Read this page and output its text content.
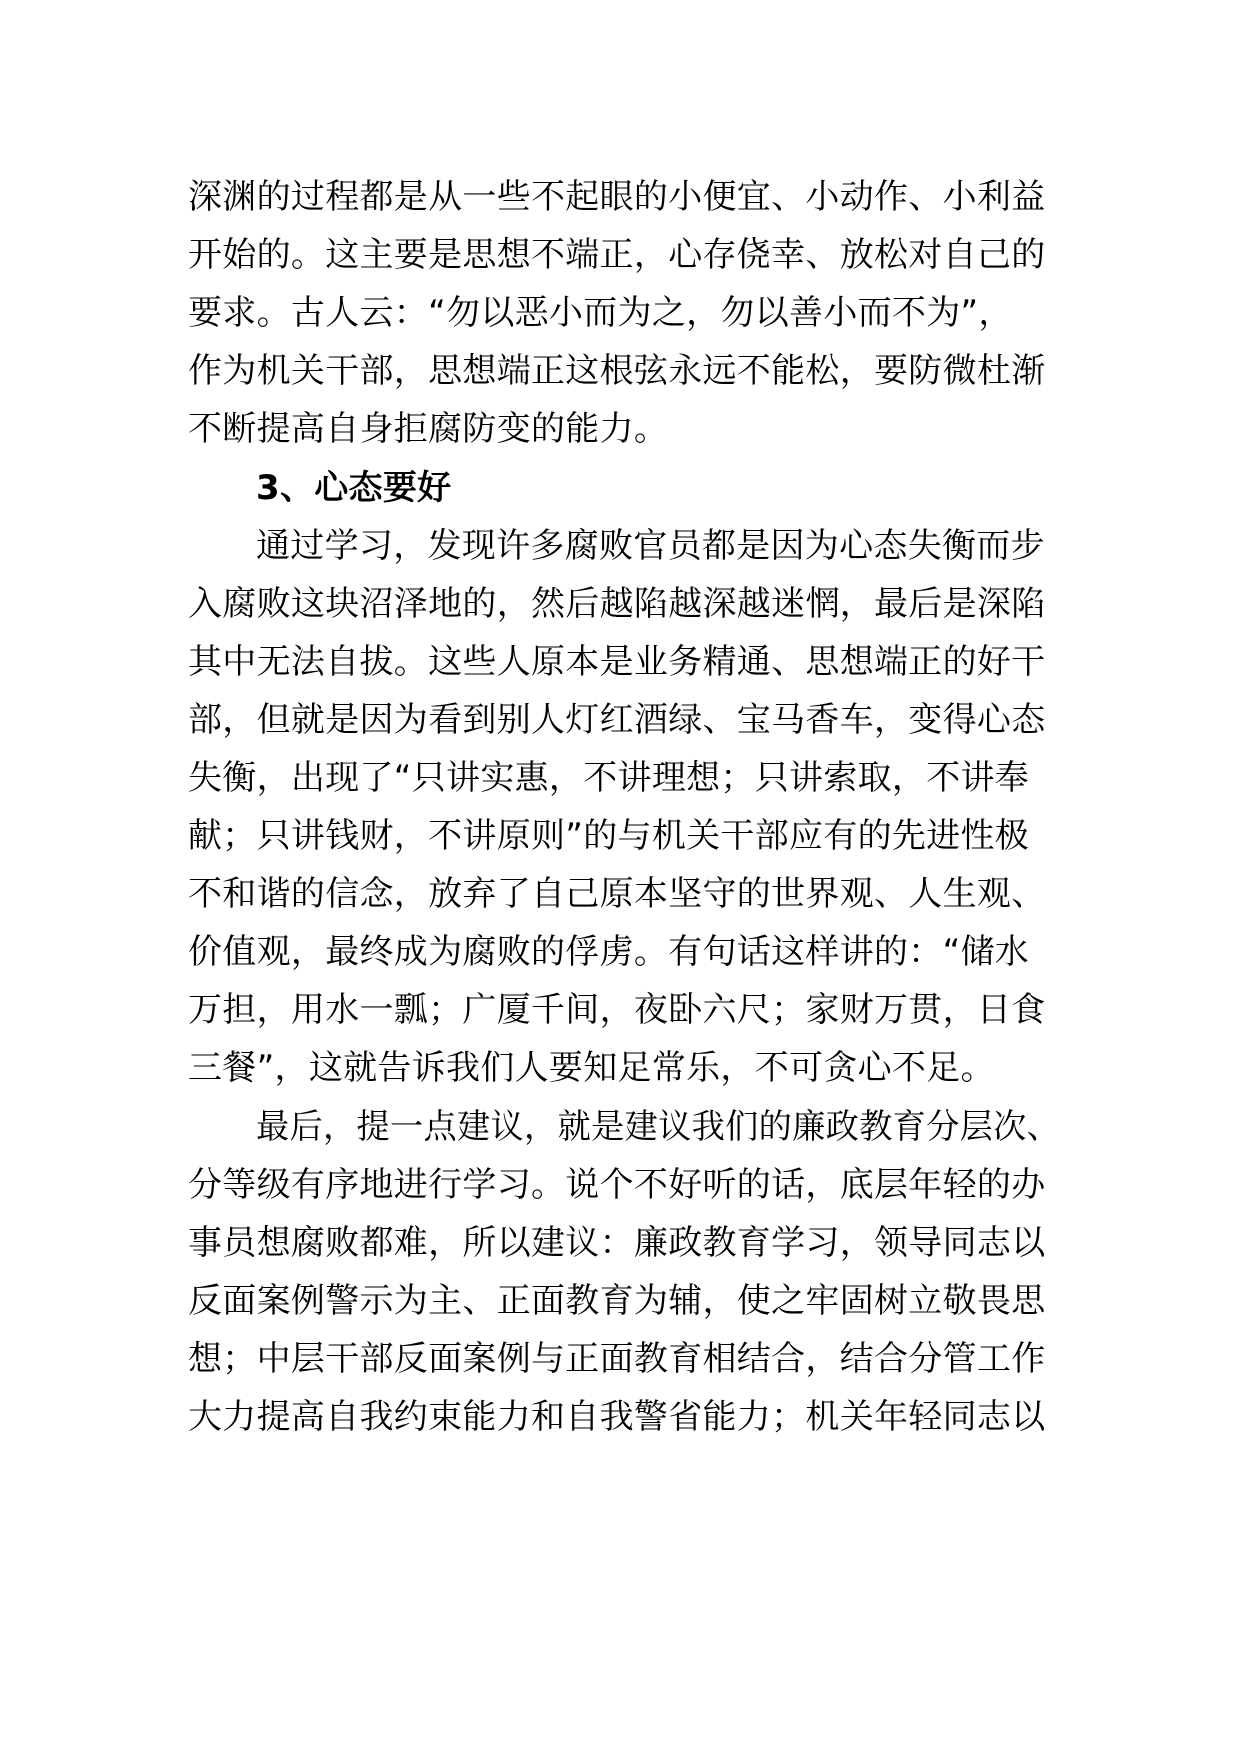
深渊的过程都是从一些不起眼的小便宜、小动作、小利益
开始的。这主要是思想不端正，心存侥幸、放松对自己的
要求。古人云：“勿以恶小而为之，勿以善小而不为”，
作为机关干部，思想端正这根弦永远不能松，要防微杜渐
不断提高自身拒腐防变的能力。
3、心态要好
通过学习，发现许多腐败官员都是因为心态失衡而步
入腐败这块沼泽地的，然后越陷越深越迷惘，最后是深陷
其中无法自拔。这些人原本是业务精通、思想端正的好干
部，但就是因为看到别人灯红酒绿、宝马香车，变得心态
失衡，出现了“只讲实惠，不讲理想；只讲索取，不讲奉
献；只讲钱财，不讲原则”的与机关干部应有的先进性极
不和谐的信念，放弃了自己原本坚守的世界观、人生观、
价值观，最终成为腐败的俘虏。有句话这样讲的：“储水
万担，用水一瓢；广厦千间，夜卧六尺；家财万贯，日食
三餐”，这就告诉我们人要知足常乐，不可贪心不足。
最后，提一点建议，就是建议我们的廉政教育分层次、
分等级有序地进行学习。说个不好听的话，底层年轻的办
事员想腐败都难，所以建议：廉政教育学习，领导同志以
反面案例警示为主、正面教育为辅，使之牢固树立敬畏思
想；中层干部反面案例与正面教育相结合，结合分管工作
大力提高自我约束能力和自我警省能力；机关年轻同志以
